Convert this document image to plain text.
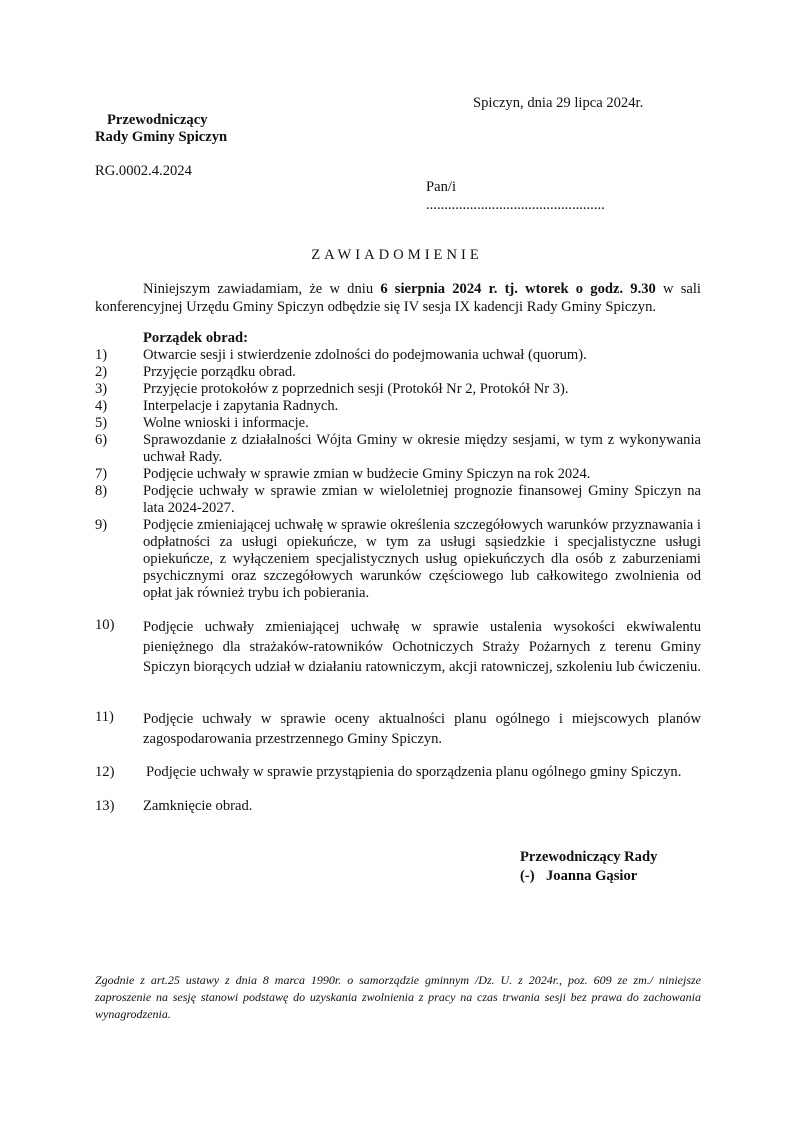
Spiczyn, dnia 29 lipca 2024r.
Przewodniczący
Rady Gminy Spiczyn
RG.0002.4.2024
Pan/i
.................................................
ZAWIADOMIENIE
Niniejszym zawiadamiam, że w dniu 6 sierpnia 2024 r. tj. wtorek o godz. 9.30 w sali konferencyjnej Urzędu Gminy Spiczyn odbędzie się IV sesja IX kadencji Rady Gminy Spiczyn.
Porządek obrad:
1) Otwarcie sesji i stwierdzenie zdolności do podejmowania uchwał (quorum).
2) Przyjęcie porządku obrad.
3) Przyjęcie protokołów z poprzednich sesji (Protokół Nr 2, Protokół Nr 3).
4) Interpelacje i zapytania Radnych.
5) Wolne wnioski i informacje.
6) Sprawozdanie z działalności Wójta Gminy w okresie między sesjami, w tym z wykonywania uchwał Rady.
7) Podjęcie uchwały w sprawie zmian w budżecie Gminy Spiczyn na rok 2024.
8) Podjęcie uchwały w sprawie zmian w wieloletniej prognozie finansowej Gminy Spiczyn na lata 2024-2027.
9) Podjęcie zmieniającej uchwałę w sprawie określenia szczegółowych warunków przyznawania i odpłatności za usługi opiekuńcze, w tym za usługi sąsiedzkie i specjalistyczne usługi opiekuńcze, z wyłączeniem specjalistycznych usług opiekuńczych dla osób z zaburzeniami psychicznymi oraz szczegółowych warunków częściowego lub całkowitego zwolnienia od opłat jak również trybu ich pobierania.
10) Podjęcie uchwały zmieniającej uchwałę w sprawie ustalenia wysokości ekwiwalentu pieniężnego dla strażaków-ratowników Ochotniczych Straży Pożarnych z terenu Gminy Spiczyn biorących udział w działaniu ratowniczym, akcji ratowniczej, szkoleniu lub ćwiczeniu.
11) Podjęcie uchwały w sprawie oceny aktualności planu ogólnego i miejscowych planów zagospodarowania przestrzennego Gminy Spiczyn.
12) Podjęcie uchwały w sprawie przystąpienia do sporządzenia planu ogólnego gminy Spiczyn.
13) Zamknięcie obrad.
Przewodniczący Rady
(-) Joanna Gąsior
Zgodnie z art.25 ustawy z dnia 8 marca 1990r. o samorządzie gminnym /Dz. U. z 2024r., poz. 609 ze zm./ niniejsze zaproszenie na sesję stanowi podstawę do uzyskania zwolnienia z pracy na czas trwania sesji bez prawa do zachowania wynagrodzenia.
